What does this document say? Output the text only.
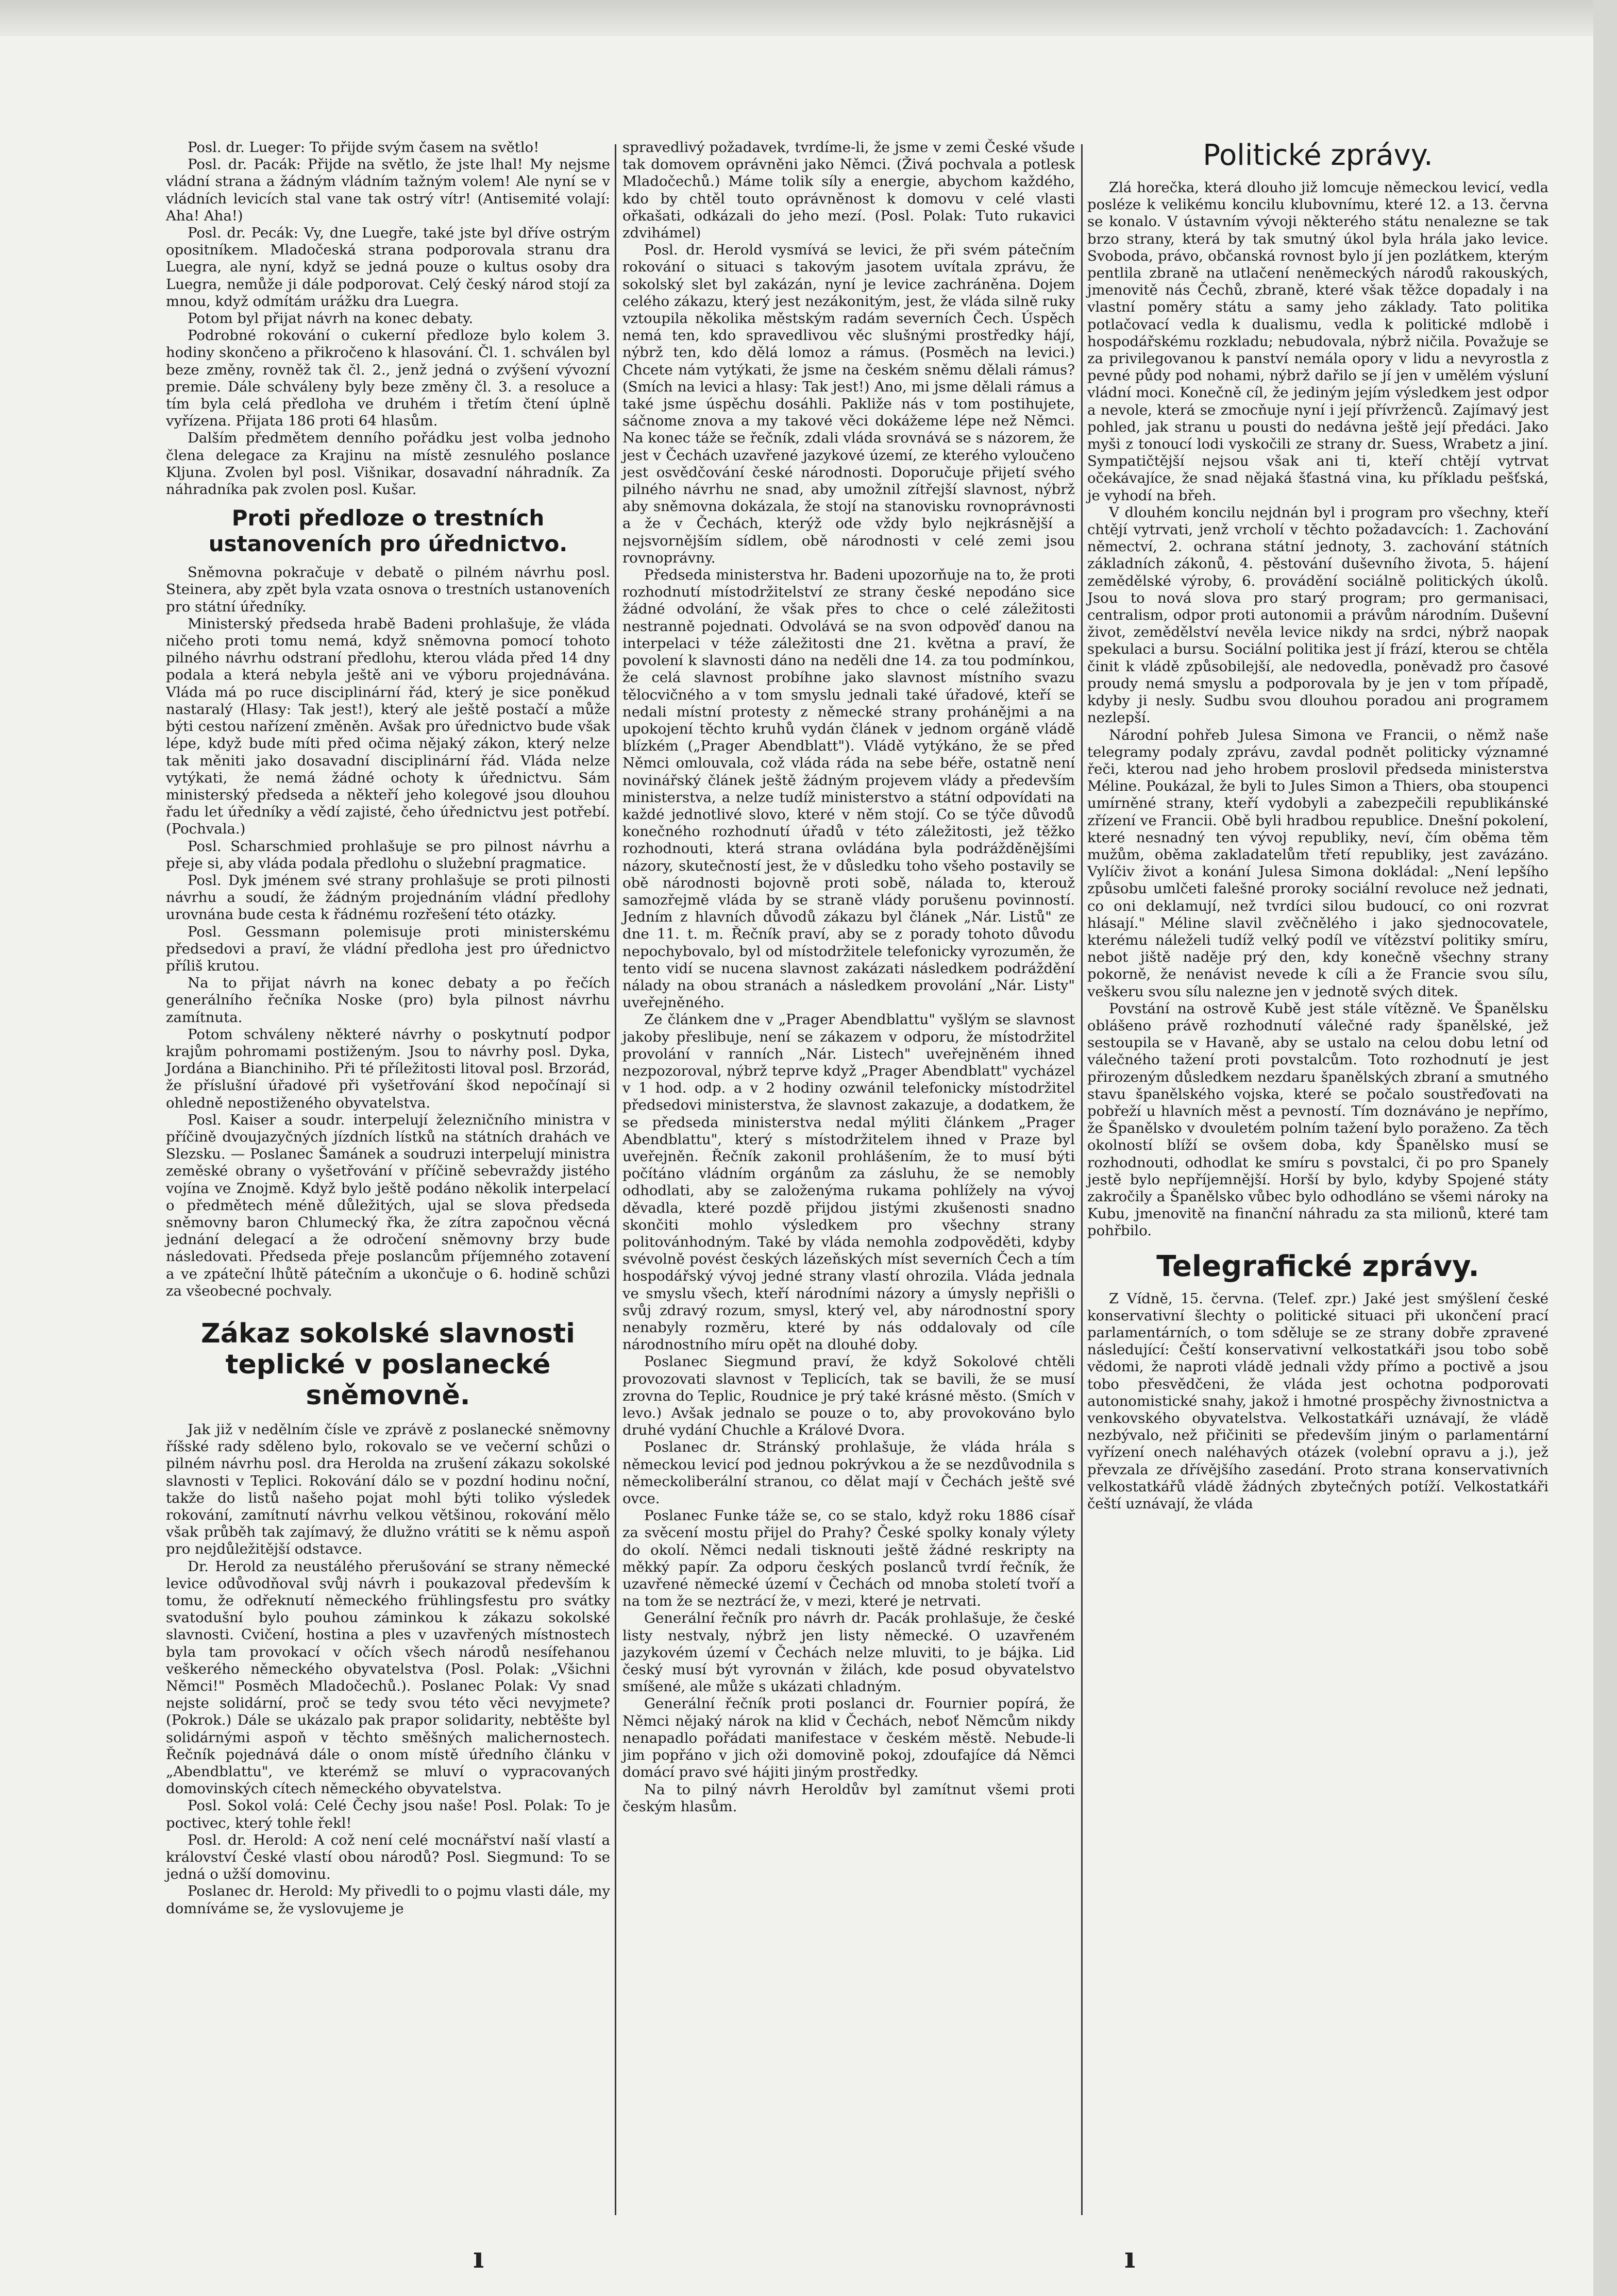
Posl. dr. Lueger: To přijde svým časem na světlo!

Posl. dr. Pacák: Přijde na světlo, že jste lhal! My nejsme vládní strana a žádným vládním tažným volem! Ale nyní se v vládních levicích stal vane tak ostrý vítr! (Antisemité volají: Aha! Aha!)

Posl. dr. Pecák: Vy, dne Luegře, také jste byl dříve ostrým opositníkem. Mladočeská strana podporovala stranu dra Luegra, ale nyní, když se jedná pouze o kultus osoby dra Luegra, nemůže ji dále podporovat. Celý český národ stojí za mnou, když odmítám urážku dra Luegra.

Potom byl přijat návrh na konec debaty.

Podrobné rokování o cukerní předloze bylo kolem 3. hodiny skončeno a přikročeno k hlasování. Čl. 1. schválen byl beze změny, rovněž tak čl. 2., jenž jedná o zvýšení vývozní premie. Dále schváleny byly beze změny čl. 3. a resoluce a tím byla celá předloha ve druhém i třetím čtení úplně vyřízena. Přijata 186 proti 64 hlasům.

Dalším předmětem denního pořádku jest volba jednoho člena delegace za Krajinu na místě zesnulého poslance Kljuna. Zvolen byl posl. Višnikar, dosavadní náhradník. Za náhradníka pak zvolen posl. Kušar.

Proti předloze o trestních ustanoveních pro úřednictvo.

Sněmovna pokračuje v debatě o pilném návrhu posl. Steinera, aby zpět byla vzata osnova o trestních ustanoveních pro státní úředníky.

Ministerský předseda hrabě Badeni prohlašuje, že vláda ničeho proti tomu nemá, když sněmovna pomocí tohoto pilného návrhu odstraní předlohu, kterou vláda před 14 dny podala a která nebyla ještě ani ve výboru projednávána. Vláda má po ruce disciplinární řád, který je sice poněkud nastaralý (Hlasy: Tak jest!), který ale ještě postačí a může býti cestou nařízení změněn. Avšak pro úřednictvo bude však lépe, když bude míti před očima nějaký zákon, který nelze tak měniti jako dosavadní disciplinární řád. Vláda nelze vytýkati, že nemá žádné ochoty k úřednictvu. Sám ministerský předseda a někteří jeho kolegové jsou dlouhou řadu let úředníky a vědí zajisté, čeho úřednictvu jest potřebí. (Pochvala.)

Posl. Scharschmied prohlašuje se pro pilnost návrhu a přeje si, aby vláda podala předlohu o služební pragmatice.

Posl. Dyk jménem své strany prohlašuje se proti pilnosti návrhu a soudí, že žádným projednáním vládní předlohy urovnána bude cesta k řádnému rozřešení této otázky.

Posl. Gessmann polemisuje proti ministerskému předsedovi a praví, že vládní předloha jest pro úřednictvo příliš krutou.

Na to přijat návrh na konec debaty a po řečích generálního řečníka Noske (pro) byla pilnost návrhu zamítnuta.

Potom schváleny některé návrhy o poskytnutí podpor krajům pohromami postiženým. Jsou to návrhy posl. Dyka, Jordána a Bianchiniho. Při té příležitosti litoval posl. Brzorád, že příslušní úřadové při vyšetřování škod nepočínají si ohledně nepostiženého obyvatelstva.

Posl. Kaiser a soudr. interpelují železničního ministra v příčině dvoujazyčných jízdních lístků na státních drahách ve Slezsku. — Poslanec Šamánek a soudruzi interpelují ministra zeměské obrany o vyšetřování v příčině sebevraždy jistého vojína ve Znojmě. Když bylo ještě podáno několik interpelací o předmětech méně důležitých, ujal se slova předseda sněmovny baron Chlumecký řka, že zítra započnou věcná jednání delegací a že odročení sněmovny brzy bude následovati. Předseda přeje poslancům příjemného zotavení a ve zpáteční lhůtě pátečním a ukončuje o 6. hodině schůzi za všeobecné pochvaly.

Zákaz sokolské slavnosti teplické v poslanecké sněmovně.

Jak již v nedělním čísle ve zprávě z poslanecké sněmovny říšské rady sděleno bylo, rokovalo se ve večerní schůzi o pilném návrhu posl. dra Herolda na zrušení zákazu sokolské slavnosti v Teplici. Rokování dálo se v pozdní hodinu noční, takže do listů našeho pojat mohl býti toliko výsledek rokování, zamítnutí návrhu velkou většinou, rokování mělo však průběh tak zajímavý, že dlužno vrátiti se k němu aspoň pro nejdůležitější odstavce.

Dr. Herold za neustálého přerušování se strany německé levice odůvodňoval svůj návrh i poukazoval především k tomu, že odřeknutí německého frühlingsfestu pro svátky svatodušní bylo pouhou záminkou k zákazu sokolské slavnosti. Cvičení, hostina a ples v uzavřených místnostech byla tam provokací v očích všech národů nesífehanou veškerého německého obyvatelstva (Posl. Polak: „Všichni Němci!" Posměch Mladočechů.). Poslanec Polak: Vy snad nejste solidární, proč se tedy svou této věci nevyjmete? (Pokrok.) Dále se ukázalo pak prapor solidarity, nebtěšte byl solidárnými aspoň v těchto směšných malichernostech. Řečník pojednává dále o onom místě úředního článku v „Abendblattu", ve kterémž se mluví o vypracovaných domovinských cítech německého obyvatelstva.

Posl. Sokol volá: Celé Čechy jsou naše! Posl. Polak: To je poctivec, který tohle řekl!

Posl. dr. Herold: A což není celé mocnářství naší vlastí a království České vlastí obou národů? Posl. Siegmund: To se jedná o užší domovinu.

Poslanec dr. Herold: My přivedli to o pojmu vlasti dále, my domníváme se, že vyslovujeme je

spravedlivý požadavek, tvrdíme-li, že jsme v zemi České všude tak domovem oprávněni jako Němci. (Živá pochvala a potlesk Mladočechů.) Máme tolik síly a energie, abychom každého, kdo by chtěl touto oprávněnost k domovu v celé vlasti ořkašati, odkázali do jeho mezí. (Posl. Polak: Tuto rukavici zdvihámel)

Posl. dr. Herold vysmívá se levici, že při svém pátečním rokování o situaci s takovým jasotem uvítala zprávu, že sokolský slet byl zakázán, nyní je levice zachráněna. Dojem celého zákazu, který jest nezákonitým, jest, že vláda silně ruky vztoupila několika městským radám severních Čech. Úspěch nemá ten, kdo spravedlivou věc slušnými prostředky hájí, nýbrž ten, kdo dělá lomoz a rámus. (Posměch na levici.) Chcete nám vytýkati, že jsme na českém sněmu dělali rámus? (Smích na levici a hlasy: Tak jest!) Ano, mi jsme dělali rámus a také jsme úspěchu dosáhli. Pakliže nás v tom postihujete, sáčnome znova a my takové věci dokážeme lépe než Němci. Na konec táže se řečník, zdali vláda srovnává se s názorem, že jest v Čechách uzavřené jazykové území, ze kterého vyloučeno jest osvědčování české národnosti. Doporučuje přijetí svého pilného návrhu ne snad, aby umožnil zítřejší slavnost, nýbrž aby sněmovna dokázala, že stojí na stanovisku rovnoprávnosti a že v Čechách, kterýž ode vždy bylo nejkrásnější a nejsvornějším sídlem, obě národnosti v celé zemi jsou rovnoprávny.

Předseda ministerstva hr. Badeni upozorňuje na to, že proti rozhodnutí místodržitelství ze strany české nepodáno sice žádné odvolání, že však přes to chce o celé záležitosti nestranně pojednati. Odvolává se na svon odpověď danou na interpelaci v téže záležitosti dne 21. května a praví, že povolení k slavnosti dáno na neděli dne 14. za tou podmínkou, že celá slavnost probíhne jako slavnost místního svazu tělocvičného a v tom smyslu jednali také úřadové, kteří se nedali místní protesty z německé strany prohánějmi a na upokojení těchto kruhů vydán článek v jednom orgáně vládě blízkém („Prager Abendblatt"). Vládě vytýkáno, že se před Němci omlouvala, což vláda ráda na sebe béře, ostatně není novinářský článek ještě žádným projevem vlády a především ministerstva, a nelze tudíž ministerstvo a státní odpovídati na každé jednotlivé slovo, které v něm stojí. Co se týče důvodů konečného rozhodnutí úřadů v této záležitosti, jež těžko rozhodnouti, která strana ovládána byla podrážděnějšími názory, skutečností jest, že v důsledku toho všeho postavily se obě národnosti bojovně proti sobě, nálada to, kterouž samozřejmě vláda by se straně vlády porušenu povinností. Jedním z hlavních důvodů zákazu byl článek „Nár. Listů" ze dne 11. t. m. Řečník praví, aby se z porady tohoto důvodu nepochybovalo, byl od místodržitele telefonicky vyrozuměn, že tento vidí se nucena slavnost zakázati následkem podráždění nálady na obou stranách a následkem provolání „Nár. Listy" uveřejněného.

Ze článkem dne v „Prager Abendblattu" vyšlým se slavnost jakoby přeslibuje, není se zákazem v odporu, že místodržitel provolání v ranních „Nár. Listech" uveřejněném ihned nezpozoroval, nýbrž teprve když „Prager Abendblatt" vycházel v 1 hod. odp. a v 2 hodiny ozwánil telefonicky místodržitel předsedovi ministerstva, že slavnost zakazuje, a dodatkem, že se předseda ministerstva nedal mýliti článkem „Prager Abendblattu", který s místodržitelem ihned v Praze byl uveřejněn. Řečník zakonil prohlášením, že to musí býti počítáno vládním orgánům za zásluhu, že se nemobly odhodlati, aby se založenýma rukama pohlížely na vývoj děvadla, které pozdě přijdou jistými zkušenosti snadno skončiti mohlo výsledkem pro všechny strany politovánhodným. Také by vláda nemohla zodpověděti, kdyby svévolně povést českých lázeňských míst severních Čech a tím hospodářský vývoj jedné strany vlastí ohrozila. Vláda jednala ve smyslu všech, kteří národními názory a úmysly nepřišli o svůj zdravý rozum, smysl, který vel, aby národnostní spory nenabyly rozměru, které by nás oddalovaly od cíle národnostního míru opět na dlouhé doby.

Poslanec Siegmund praví, že když Sokolové chtěli provozovati slavnost v Teplicích, tak se bavili, že se musí zrovna do Teplic, Roudnice je prý také krásné město. (Smích v levo.) Avšak jednalo se pouze o to, aby provokováno bylo druhé vydání Chuchle a Králové Dvora.

Poslanec dr. Stránský prohlašuje, že vláda hrála s německou levicí pod jednou pokrývkou a že se nezdůvodnila s německoliberální stranou, co dělat mají v Čechách ještě své ovce.

Poslanec Funke táže se, co se stalo, když roku 1886 císař za svěcení mostu přijel do Prahy? České spolky konaly výlety do okolí. Němci nedali tisknouti ještě žádné reskripty na měkký papír. Za odporu českých poslanců tvrdí řečník, že uzavřené německé území v Čechách od mnoba století tvoří a na tom že se neztrácí že, v mezi, které je netrvati.

Generální řečník pro návrh dr. Pacák prohlašuje, že české listy nestvaly, nýbrž jen listy německé. O uzavřeném jazykovém území v Čechách nelze mluviti, to je bájka. Lid český musí být vyrovnán v žilách, kde posud obyvatelstvo smíšené, ale může s ukázati chladným.

Generální řečník proti poslanci dr. Fournier popírá, že Němci nějaký nárok na klid v Čechách, neboť Němcům nikdy nenapadlo pořádati manifestace v českém městě. Nebude-li jim popřáno v jich oži domovině pokoj, zdoufajíce dá Němci domácí pravo své hájiti jiným prostředky.

Na to pilný návrh Heroldův byl zamítnut všemi proti českým hlasům.

Politické zprávy.

Zlá horečka, která dlouho již lomcuje německou levicí, vedla posléze k velikému koncilu klubovnímu, které 12. a 13. června se konalo. V ústavním vývoji některého státu nenalezne se tak brzo strany, která by tak smutný úkol byla hrála jako levice. Svoboda, právo, občanská rovnost bylo jí jen pozlátkem, kterým pentlila zbraně na utlačení neněmeckých národů rakouských, jmenovitě nás Čechů, zbraně, které však těžce dopadaly i na vlastní poměry státu a samy jeho základy. Tato politika potlačovací vedla k dualismu, vedla k politické mdlobě i hospodářskému rozkladu; nebudovala, nýbrž ničila. Považuje se za privilegovanou k panství nemála opory v lidu a nevyrostla z pevné půdy pod nohami, nýbrž dařilo se jí jen v umělém výsluní vládní moci. Konečně cíl, že jediným jejím výsledkem jest odpor a nevole, která se zmocňuje nyní i její přívrženců. Zajímavý jest pohled, jak stranu u pousti do nedávna ještě její předáci. Jako myši z tonoucí lodi vyskočili ze strany dr. Suess, Wrabetz a jiní. Sympatičtější nejsou však ani ti, kteří chtějí vytrvat očekávajíce, že snad nějaká šťastná vina, ku příkladu pešťská, je vyhodí na břeh.

V dlouhém koncilu nejdnán byl i program pro všechny, kteří chtějí vytrvati, jenž vrcholí v těchto požadavcích: 1. Zachování němectví, 2. ochrana státní jednoty, 3. zachování státních základních zákonů, 4. pěstování duševního života, 5. hájení zemědělské výroby, 6. provádění sociálně politických úkolů. Jsou to nová slova pro starý program; pro germanisaci, centralism, odpor proti autonomii a právům národním. Duševní život, zemědělství nevěla levice nikdy na srdci, nýbrž naopak spekulaci a bursu. Sociální politika jest jí frází, kterou se chtěla činit k vládě způsobilejší, ale nedovedla, poněvadž pro časové proudy nemá smyslu a podporovala by je jen v tom případě, kdyby ji nesly. Sudbu svou dlouhou poradou ani programem nezlepší.

Národní pohřeb Julesa Simona ve Francii, o němž naše telegramy podaly zprávu, zavdal podnět politicky významné řeči, kterou nad jeho hrobem proslovil předseda ministerstva Méline. Poukázal, že byli to Jules Simon a Thiers, oba stoupenci umírněné strany, kteří vydobyli a zabezpečili republikánské zřízení ve Francii. Obě byli hradbou republice. Dnešní pokolení, které nesnadný ten vývoj republiky, neví, čím oběma těm mužům, oběma zakladatelům třetí republiky, jest zavázáno. Vylíčiv život a konání Julesa Simona dokládal: „Není lepšího způsobu umlčeti falešné proroky sociální revoluce než jednati, co oni deklamují, než tvrdíci silou budoucí, co oni rozvrat hlásají." Méline slavil zvěčnělého i jako sjednocovatele, kterému náleželi tudíž velký podíl ve vítězství politiky smíru, nebot jiště naděje prý den, kdy konečně všechny strany pokorně, že nenávist nevede k cíli a že Francie svou sílu, veškeru svou sílu nalezne jen v jednotě svých ditek.

Povstání na ostrově Kubě jest stále vítězně. Ve Španělsku oblášeno právě rozhodnutí válečné rady španělské, jež sestoupila se v Havaně, aby se ustalo na celou dobu letní od válečného tažení proti povstalcům. Toto rozhodnutí je jest přirozeným důsledkem nezdaru španělských zbraní a smutného stavu španělského vojska, které se počalo soustřeďovati na pobřeží u hlavních měst a pevností. Tím doznáváno je nepřímo, že Španělsko v dvouletém polním tažení bylo poraženo. Za těch okolností blíží se ovšem doba, kdy Španělsko musí se rozhodnouti, odhodlat ke smíru s povstalci, či po pro Spanely jestě bylo nepříjemnější. Horší by bylo, kdyby Spojené státy zakročily a Španělsko vůbec bylo odhodláno se všemi nároky na Kubu, jmenovitě na finanční náhradu za sta milionů, které tam pohřbilo.

Telegrafické zprávy.

Z Vídně, 15. června. (Telef. zpr.) Jaké jest smýšlení české konservativní šlechty o politické situaci při ukončení prací parlamentárních, o tom sděluje se ze strany dobře zpravené následující: Čeští konservativní velkostatkáři jsou tobo sobě vědomi, že naproti vládě jednali vždy přímo a poctivě a jsou tobo přesvědčeni, že vláda jest ochotna podporovati autonomistické snahy, jakož i hmotné prospěchy živnostnictva a venkovského obyvatelstva. Velkostatkáři uznávají, že vládě nezbývalo, než přičiniti se především jiným o parlamentární vyřízení onech naléhavých otázek (volební opravu a j.), jež převzala ze dřívějšího zasedání. Proto strana konservativních velkostatkářů vládě žádných zbytečných potíží. Velkostatkáři čeští uznávají, že vláda

ı	ı
